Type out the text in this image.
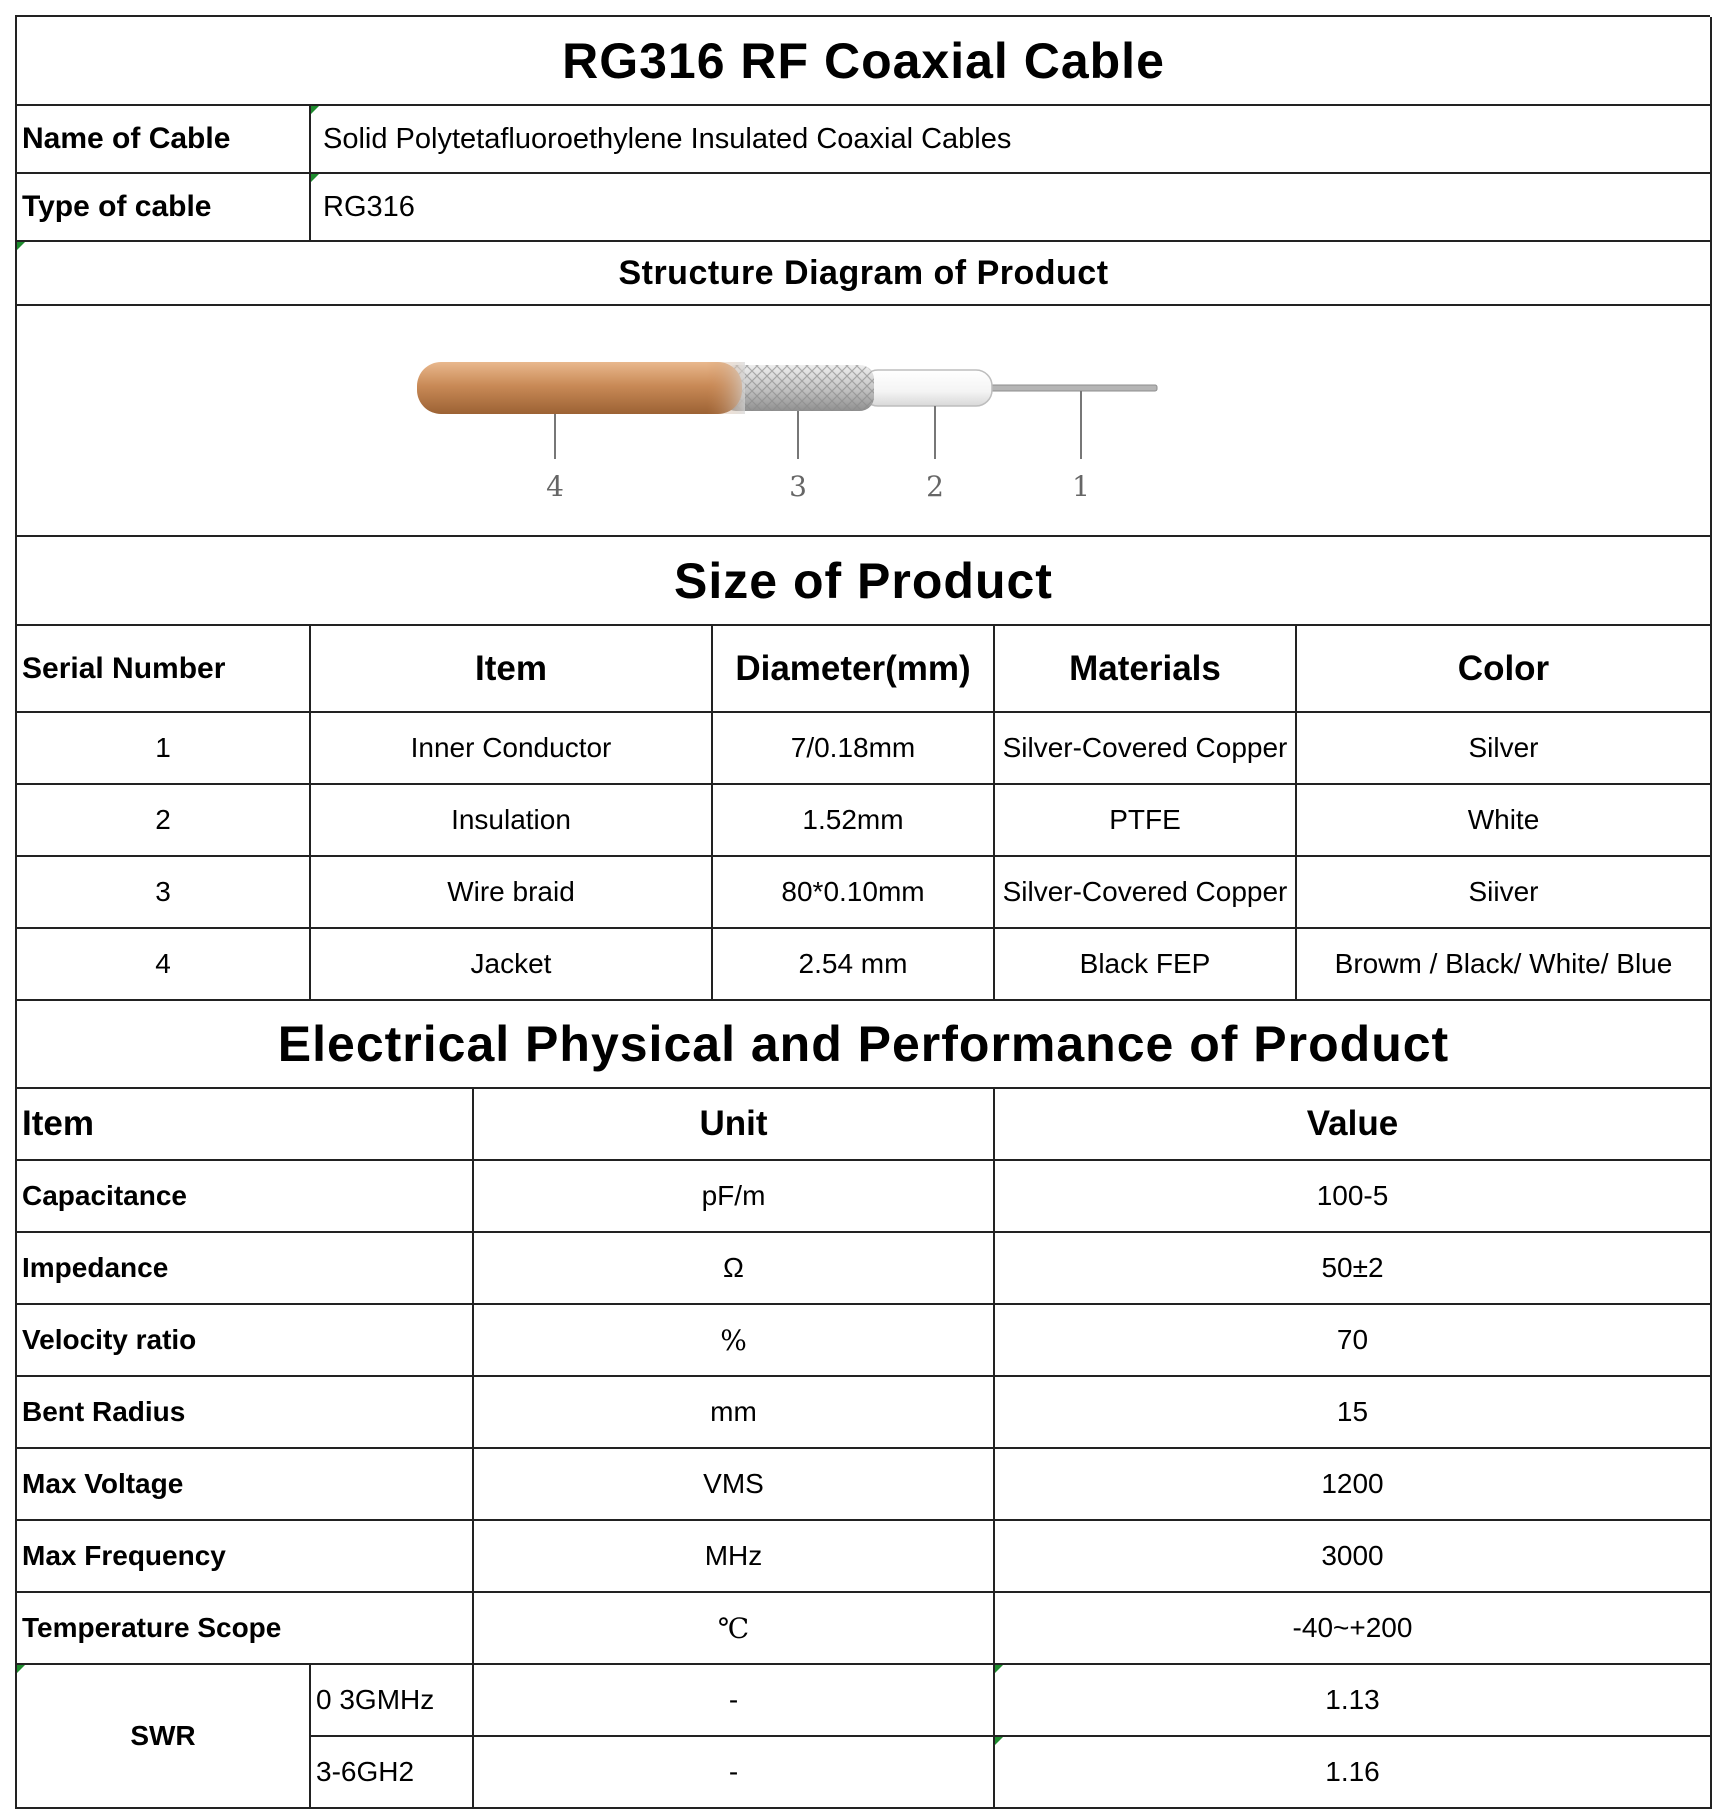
RG316 RF Coaxial Cable
Name of Cable	Solid Polytetafluoroethylene Insulated Coaxial Cables
Type of cable	RG316
Structure Diagram of Product
4	3	2	1
Size of Product
Serial Number	Item	Diameter(mm)	Materials	Color
1	Inner Conductor	7/0.18mm	Silver-Covered Copper	Silver
2	Insulation	1.52mm	PTFE	White
3	Wire braid	80*0.10mm	Silver-Covered Copper	Siiver
4	Jacket	2.54 mm	Black FEP	Browm / Black/ White/ Blue
Electrical Physical and Performance of Product
Item	Unit	Value
Capacitance	pF/m	100-5
Impedance	Ω	50±2
Velocity ratio	%	70
Bent Radius	mm	15
Max Voltage	VMS	1200
Max Frequency	MHz	3000
Temperature Scope	℃	-40~+200
SWR
0 3GMHz	-	1.13
3-6GH2	-	1.16
